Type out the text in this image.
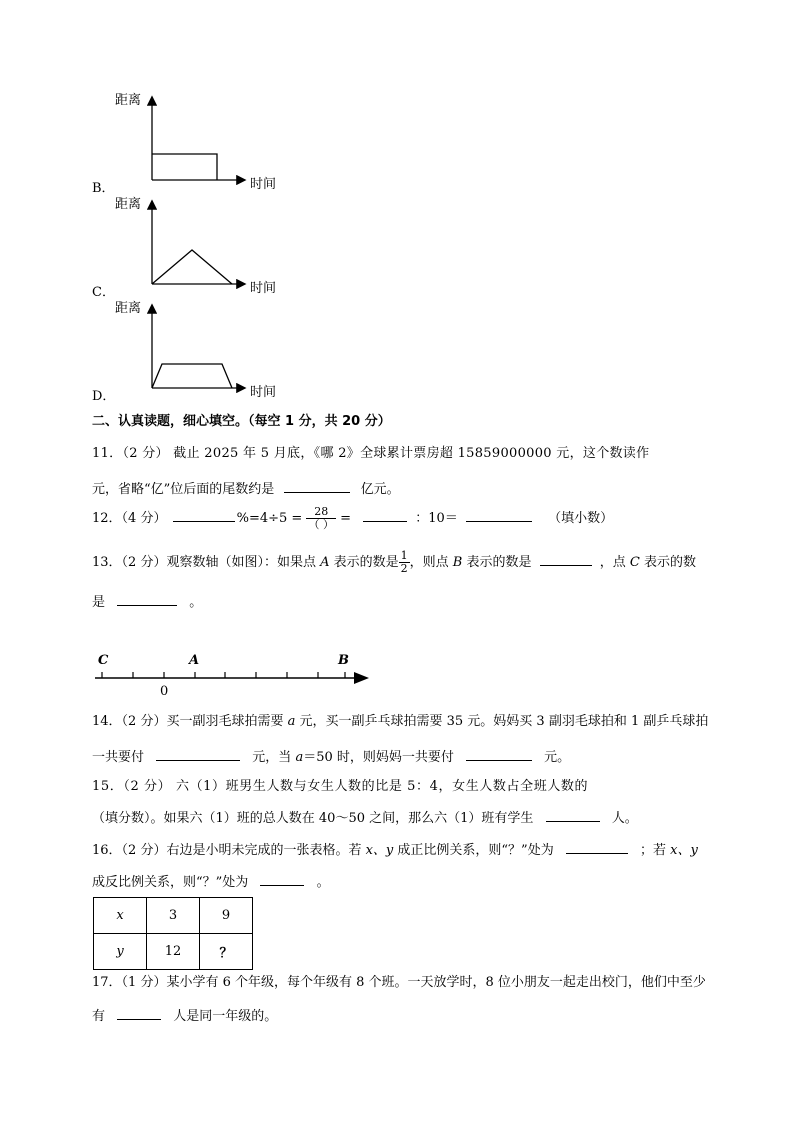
距离
时间
B．
距离
时间
C．
距离
时间
D．
二、认真读题，细心填空。（每空 1 分，共 20 分）
11．（2 分） 截止 2025 年 5 月底，《哪 2》全球累计票房超 15859000000 元，这个数读作
元，省略“亿”位后面的尾数约是	亿元。
12．（4 分）	$\%=4\div 5 = \frac{28}{( )}$ =	：10＝	（填小数）
13．（2 分）观察数轴（如图）：如果点 A 表示的数是 $\frac{1}{2}$ ，则点 B 表示的数是	，点 C 表示的数
是	。
C	A	B
0
14．（2 分）买一副羽毛球拍需要 a 元，买一副乒乓球拍需要 35 元。妈妈买 3 副羽毛球拍和 1 副乒乓球拍
一共要付	元，当 a＝50 时，则妈妈一共要付	元。
15．（2 分） 六（1）班男生人数与女生人数的比是 5：4，女生人数占全班人数的
（填分数）。如果六（1）班的总人数在 40～50 之间，那么六（1）班有学生	人。
16．（2 分）右边是小明未完成的一张表格。若 x、y 成正比例关系，则“？”处为	；若 x、y
成反比例关系，则“？”处为	。
x	3	9
y	12	？
17．（1 分）某小学有 6 个年级，每个年级有 8 个班。一天放学时，8 位小朋友一起走出校门，他们中至少
有	人是同一年级的。
